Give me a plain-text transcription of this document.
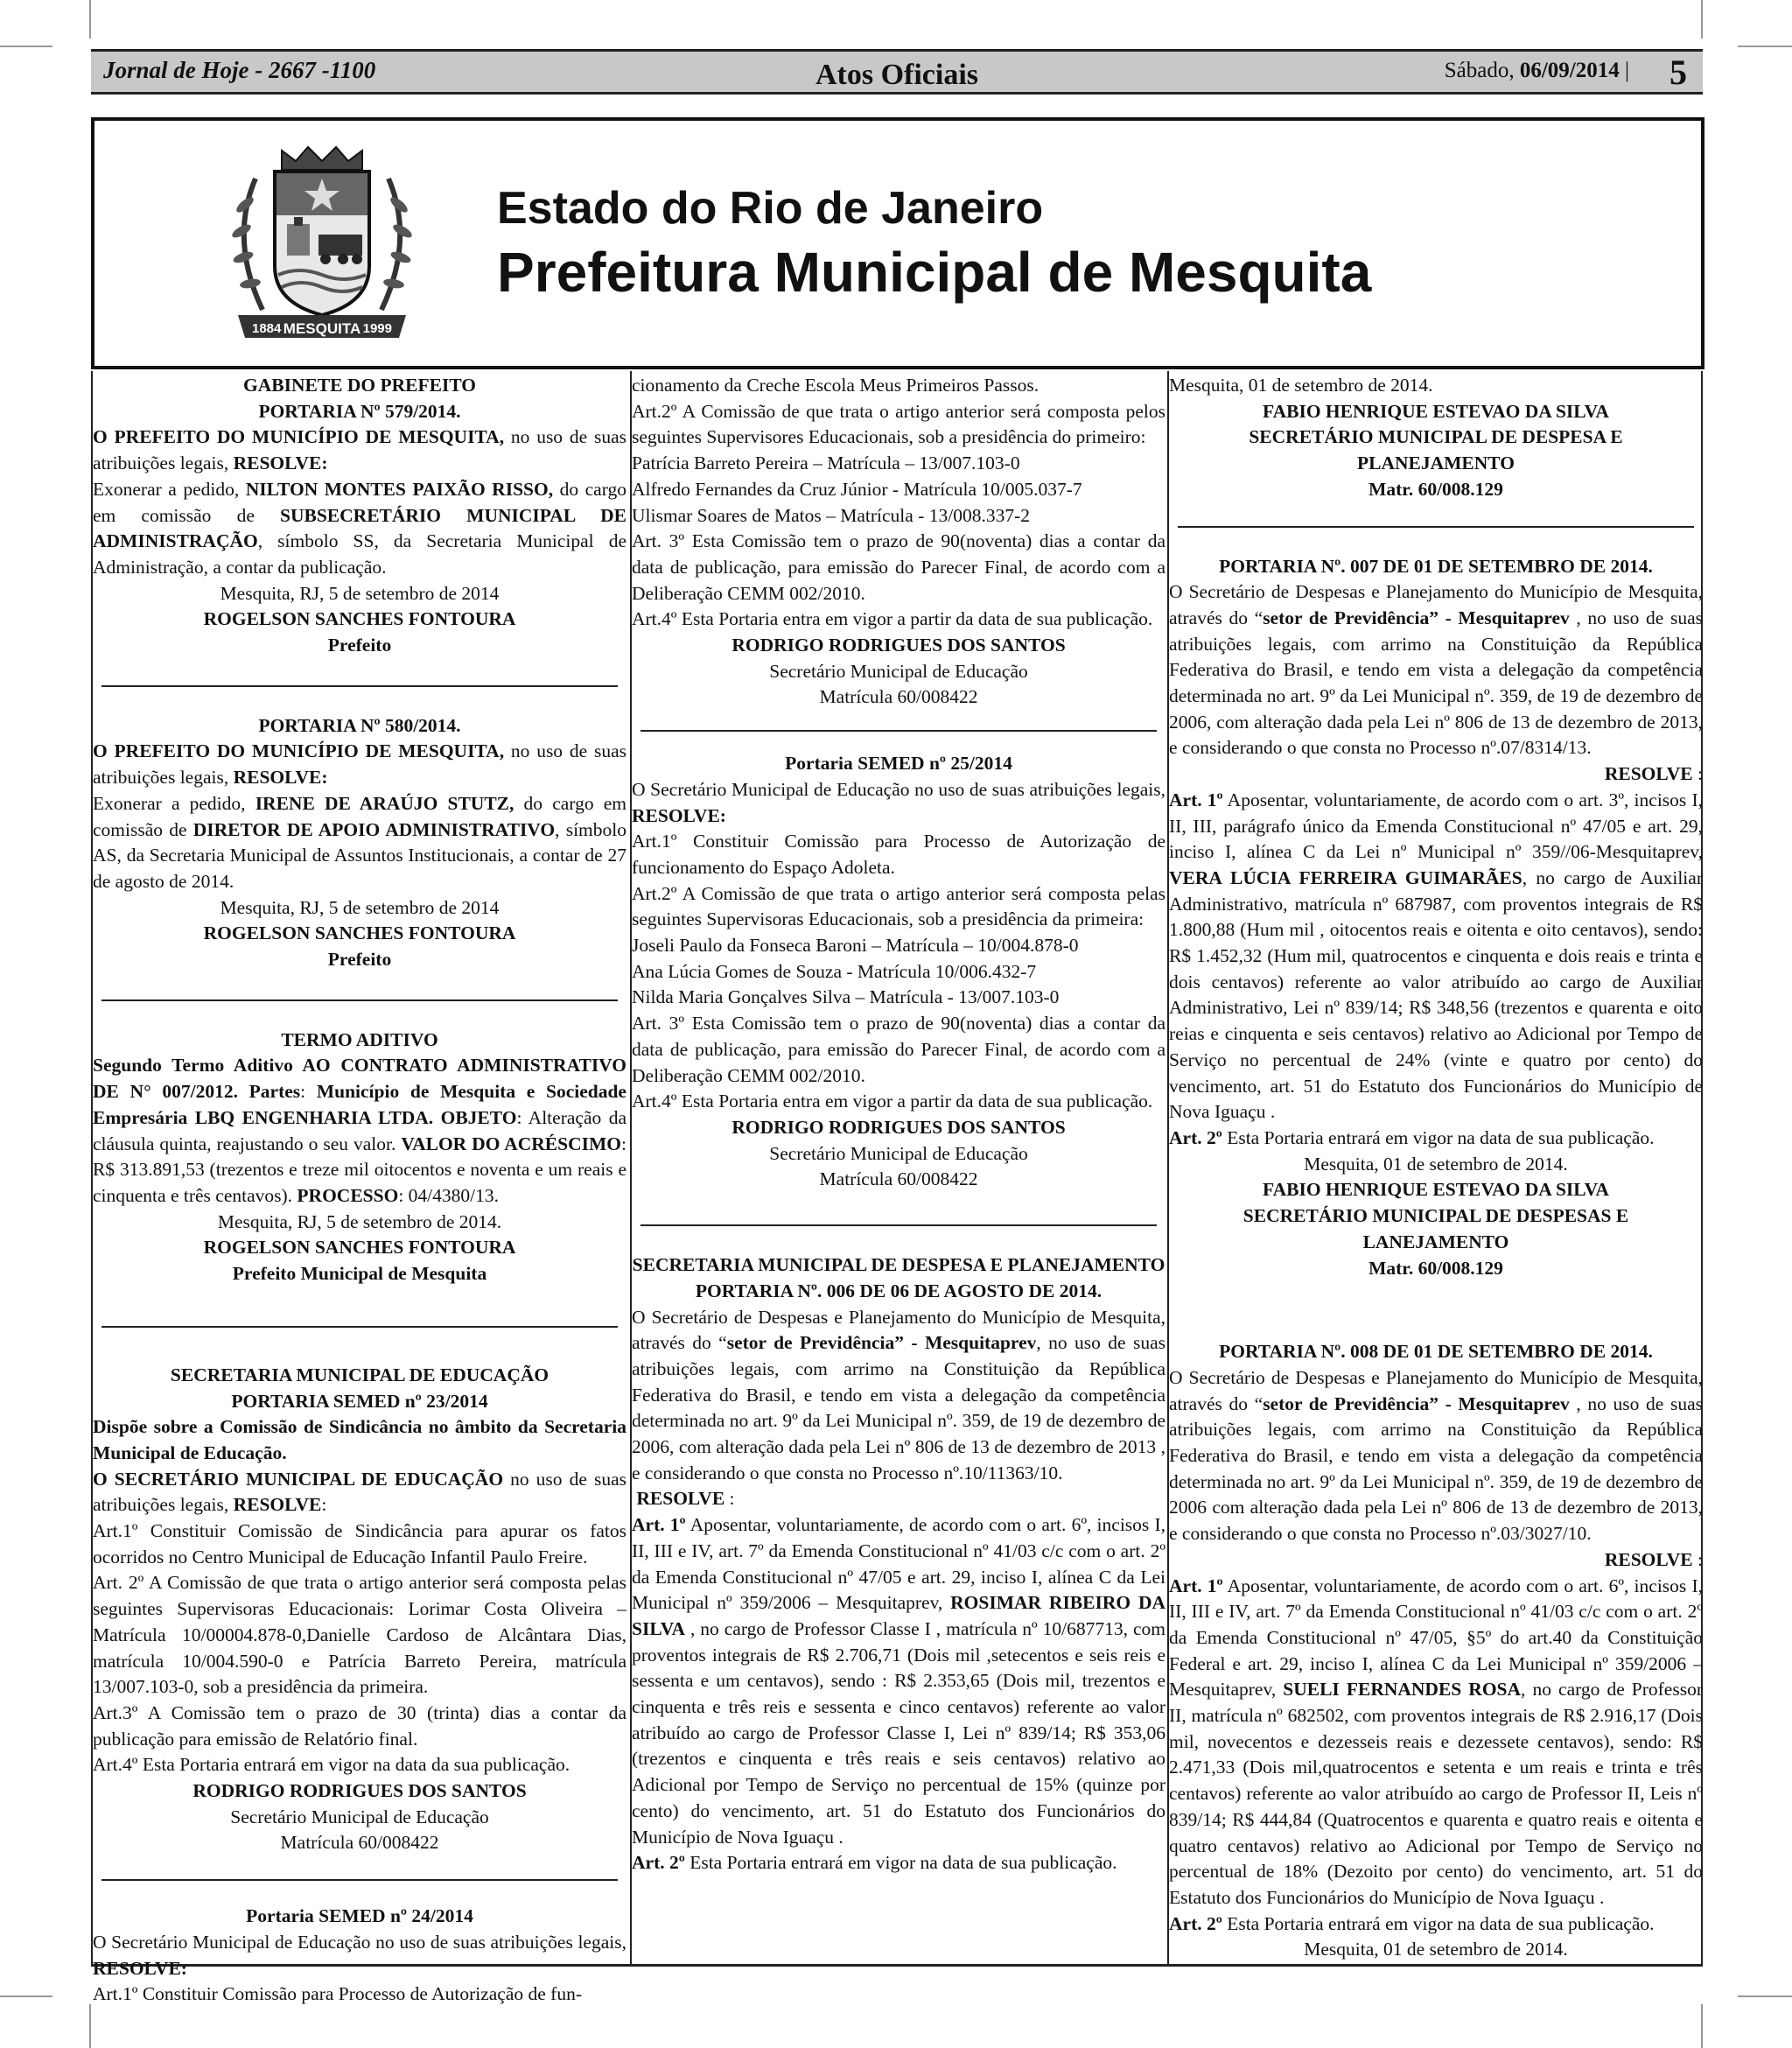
Jornal de Hoje - 2667 -1100	Atos Oficiais	Sábado, 06/09/2014 | 5
1884 MESQUITA 1999
Estado do Rio de Janeiro
Prefeitura Municipal de Mesquita

GABINETE DO PREFEITO

PORTARIA Nº 579/2014.

O PREFEITO DO MUNICÍPIO DE MESQUITA, no uso de suas atribuições legais, RESOLVE:

Exonerar a pedido, NILTON MONTES PAIXÃO RISSO, do cargo em comissão de SUBSECRETÁRIO MUNICIPAL DE ADMINISTRAÇÃO, símbolo SS, da Secretaria Municipal de Administração, a contar da publicação.

Mesquita, RJ, 5 de setembro de 2014

ROGELSON SANCHES FONTOURA

Prefeito

PORTARIA Nº 580/2014.

O PREFEITO DO MUNICÍPIO DE MESQUITA, no uso de suas atribuições legais, RESOLVE:

Exonerar a pedido, IRENE DE ARAÚJO STUTZ, do cargo em comissão de DIRETOR DE APOIO ADMINISTRATIVO, símbolo AS, da Secretaria Municipal de Assuntos Institucionais, a contar de 27 de agosto de 2014.

Mesquita, RJ, 5 de setembro de 2014

ROGELSON SANCHES FONTOURA

Prefeito

TERMO ADITIVO

Segundo Termo Aditivo AO CONTRATO ADMINISTRATIVO DE N° 007/2012. Partes: Município de Mesquita e Sociedade Empresária LBQ ENGENHARIA LTDA. OBJETO: Alteração da cláusula quinta, reajustando o seu valor. VALOR DO ACRÉSCIMO: R$ 313.891,53 (trezentos e treze mil oitocentos e noventa e um reais e cinquenta e três centavos). PROCESSO: 04/4380/13.

Mesquita, RJ, 5 de setembro de 2014.

ROGELSON SANCHES FONTOURA

Prefeito Municipal de Mesquita

SECRETARIA MUNICIPAL DE EDUCAÇÃO

PORTARIA SEMED nº 23/2014

Dispõe sobre a Comissão de Sindicância no âmbito da Secretaria Municipal de Educação.

O SECRETÁRIO MUNICIPAL DE EDUCAÇÃO no uso de suas atribuições legais, RESOLVE:

Art.1º Constituir Comissão de Sindicância para apurar os fatos ocorridos no Centro Municipal de Educação Infantil Paulo Freire.

Art. 2º A Comissão de que trata o artigo anterior será composta pelas seguintes Supervisoras Educacionais: Lorimar Costa Oliveira – Matrícula 10/00004.878-0,Danielle Cardoso de Alcântara Dias, matrícula 10/004.590-0 e Patrícia Barreto Pereira, matrícula 13/007.103-0, sob a presidência da primeira.

Art.3º A Comissão tem o prazo de 30 (trinta) dias a contar da publicação para emissão de Relatório final.

Art.4º Esta Portaria entrará em vigor na data da sua publicação.

RODRIGO RODRIGUES DOS SANTOS

Secretário Municipal de Educação

Matrícula 60/008422

Portaria SEMED nº 24/2014

O Secretário Municipal de Educação no uso de suas atribuições legais, RESOLVE:

Art.1º Constituir Comissão para Processo de Autorização de fun-

cionamento da Creche Escola Meus Primeiros Passos.

Art.2º A Comissão de que trata o artigo anterior será composta pelos seguintes Supervisores Educacionais, sob a presidência do primeiro:

Patrícia Barreto Pereira – Matrícula – 13/007.103-0

Alfredo Fernandes da Cruz Júnior - Matrícula 10/005.037-7

Ulismar Soares de Matos – Matrícula - 13/008.337-2

Art. 3º Esta Comissão tem o prazo de 90(noventa) dias a contar da data de publicação, para emissão do Parecer Final, de acordo com a Deliberação CEMM 002/2010.

Art.4º Esta Portaria entra em vigor a partir da data de sua publicação.

RODRIGO RODRIGUES DOS SANTOS

Secretário Municipal de Educação

Matrícula 60/008422

Portaria SEMED nº 25/2014

O Secretário Municipal de Educação no uso de suas atribuições legais, RESOLVE:

Art.1º Constituir Comissão para Processo de Autorização de funcionamento do Espaço Adoleta.

Art.2º A Comissão de que trata o artigo anterior será composta pelas seguintes Supervisoras Educacionais, sob a presidência da primeira:

Joseli Paulo da Fonseca Baroni – Matrícula – 10/004.878-0

Ana Lúcia Gomes de Souza - Matrícula 10/006.432-7

Nilda Maria Gonçalves Silva – Matrícula - 13/007.103-0

Art. 3º Esta Comissão tem o prazo de 90(noventa) dias a contar da data de publicação, para emissão do Parecer Final, de acordo com a Deliberação CEMM 002/2010.

Art.4º Esta Portaria entra em vigor a partir da data de sua publicação.

RODRIGO RODRIGUES DOS SANTOS

Secretário Municipal de Educação

Matrícula 60/008422

SECRETARIA MUNICIPAL DE DESPESA E PLANEJAMENTO

PORTARIA Nº. 006 DE 06 DE AGOSTO DE 2014.

O Secretário de Despesas e Planejamento do Município de Mesquita, através do “setor de Previdência” - Mesquitaprev, no uso de suas atribuições legais, com arrimo na Constituição da República Federativa do Brasil, e tendo em vista a delegação da competência determinada no art. 9º da Lei Municipal nº. 359, de 19 de dezembro de 2006, com alteração dada pela Lei nº 806 de 13 de dezembro de 2013 , e considerando o que consta no Processo nº.10/11363/10.

RESOLVE :

Art. 1º Aposentar, voluntariamente, de acordo com o art. 6º, incisos I, II, III e IV, art. 7º da Emenda Constitucional nº 41/03 c/c com o art. 2º da Emenda Constitucional nº 47/05 e art. 29, inciso I, alínea C da Lei Municipal nº 359/2006 – Mesquitaprev, ROSIMAR RIBEIRO DA SILVA , no cargo de Professor Classe I , matrícula nº 10/687713, com proventos integrais de R$ 2.706,71 (Dois mil ,setecentos e seis reis e sessenta e um centavos), sendo : R$ 2.353,65 (Dois mil, trezentos e cinquenta e três reis e sessenta e cinco centavos) referente ao valor atribuído ao cargo de Professor Classe I, Lei nº 839/14; R$ 353,06 (trezentos e cinquenta e três reais e seis centavos) relativo ao Adicional por Tempo de Serviço no percentual de 15% (quinze por cento) do vencimento, art. 51 do Estatuto dos Funcionários do Município de Nova Iguaçu .

Art. 2º Esta Portaria entrará em vigor na data de sua publicação.

Mesquita, 01 de setembro de 2014.

FABIO HENRIQUE ESTEVAO DA SILVA

SECRETÁRIO MUNICIPAL DE DESPESA E PLANEJAMENTO

Matr. 60/008.129

PORTARIA Nº. 007 DE 01 DE SETEMBRO DE 2014.

O Secretário de Despesas e Planejamento do Município de Mesquita, através do “setor de Previdência” - Mesquitaprev , no uso de suas atribuições legais, com arrimo na Constituição da República Federativa do Brasil, e tendo em vista a delegação da competência determinada no art. 9º da Lei Municipal nº. 359, de 19 de dezembro de 2006, com alteração dada pela Lei nº 806 de 13 de dezembro de 2013, e considerando o que consta no Processo nº.07/8314/13.

RESOLVE :

Art. 1º Aposentar, voluntariamente, de acordo com o art. 3º, incisos I, II, III, parágrafo único da Emenda Constitucional nº 47/05 e art. 29, inciso I, alínea C da Lei nº Municipal nº 359//06-Mesquitaprev, VERA LÚCIA FERREIRA GUIMARÃES, no cargo de Auxiliar Administrativo, matrícula nº 687987, com proventos integrais de R$ 1.800,88 (Hum mil , oitocentos reais e oitenta e oito centavos), sendo: R$ 1.452,32 (Hum mil, quatrocentos e cinquenta e dois reais e trinta e dois centavos) referente ao valor atribuído ao cargo de Auxiliar Administrativo, Lei nº 839/14; R$ 348,56 (trezentos e quarenta e oito reias e cinquenta e seis centavos) relativo ao Adicional por Tempo de Serviço no percentual de 24% (vinte e quatro por cento) do vencimento, art. 51 do Estatuto dos Funcionários do Município de Nova Iguaçu .

Art. 2º Esta Portaria entrará em vigor na data de sua publicação.

Mesquita, 01 de setembro de 2014.

FABIO HENRIQUE ESTEVAO DA SILVA

SECRETÁRIO MUNICIPAL DE DESPESAS E LANEJAMENTO

Matr. 60/008.129

PORTARIA Nº. 008 DE 01 DE SETEMBRO DE 2014.

O Secretário de Despesas e Planejamento do Município de Mesquita, através do “setor de Previdência” - Mesquitaprev , no uso de suas atribuições legais, com arrimo na Constituição da República Federativa do Brasil, e tendo em vista a delegação da competência determinada no art. 9º da Lei Municipal nº. 359, de 19 de dezembro de 2006 com alteração dada pela Lei nº 806 de 13 de dezembro de 2013, e considerando o que consta no Processo nº.03/3027/10.

RESOLVE :

Art. 1º Aposentar, voluntariamente, de acordo com o art. 6º, incisos I, II, III e IV, art. 7º da Emenda Constitucional nº 41/03 c/c com o art. 2º da Emenda Constitucional nº 47/05, §5º do art.40 da Constituição Federal e art. 29, inciso I, alínea C da Lei Municipal nº 359/2006 – Mesquitaprev, SUELI FERNANDES ROSA, no cargo de Professor II, matrícula nº 682502, com proventos integrais de R$ 2.916,17 (Dois mil, novecentos e dezesseis reais e dezessete centavos), sendo: R$ 2.471,33 (Dois mil,quatrocentos e setenta e um reais e trinta e três centavos) referente ao valor atribuído ao cargo de Professor II, Leis nº 839/14; R$ 444,84 (Quatrocentos e quarenta e quatro reais e oitenta e quatro centavos) relativo ao Adicional por Tempo de Serviço no percentual de 18% (Dezoito por cento) do vencimento, art. 51 do Estatuto dos Funcionários do Município de Nova Iguaçu .

Art. 2º Esta Portaria entrará em vigor na data de sua publicação.

Mesquita, 01 de setembro de 2014.
